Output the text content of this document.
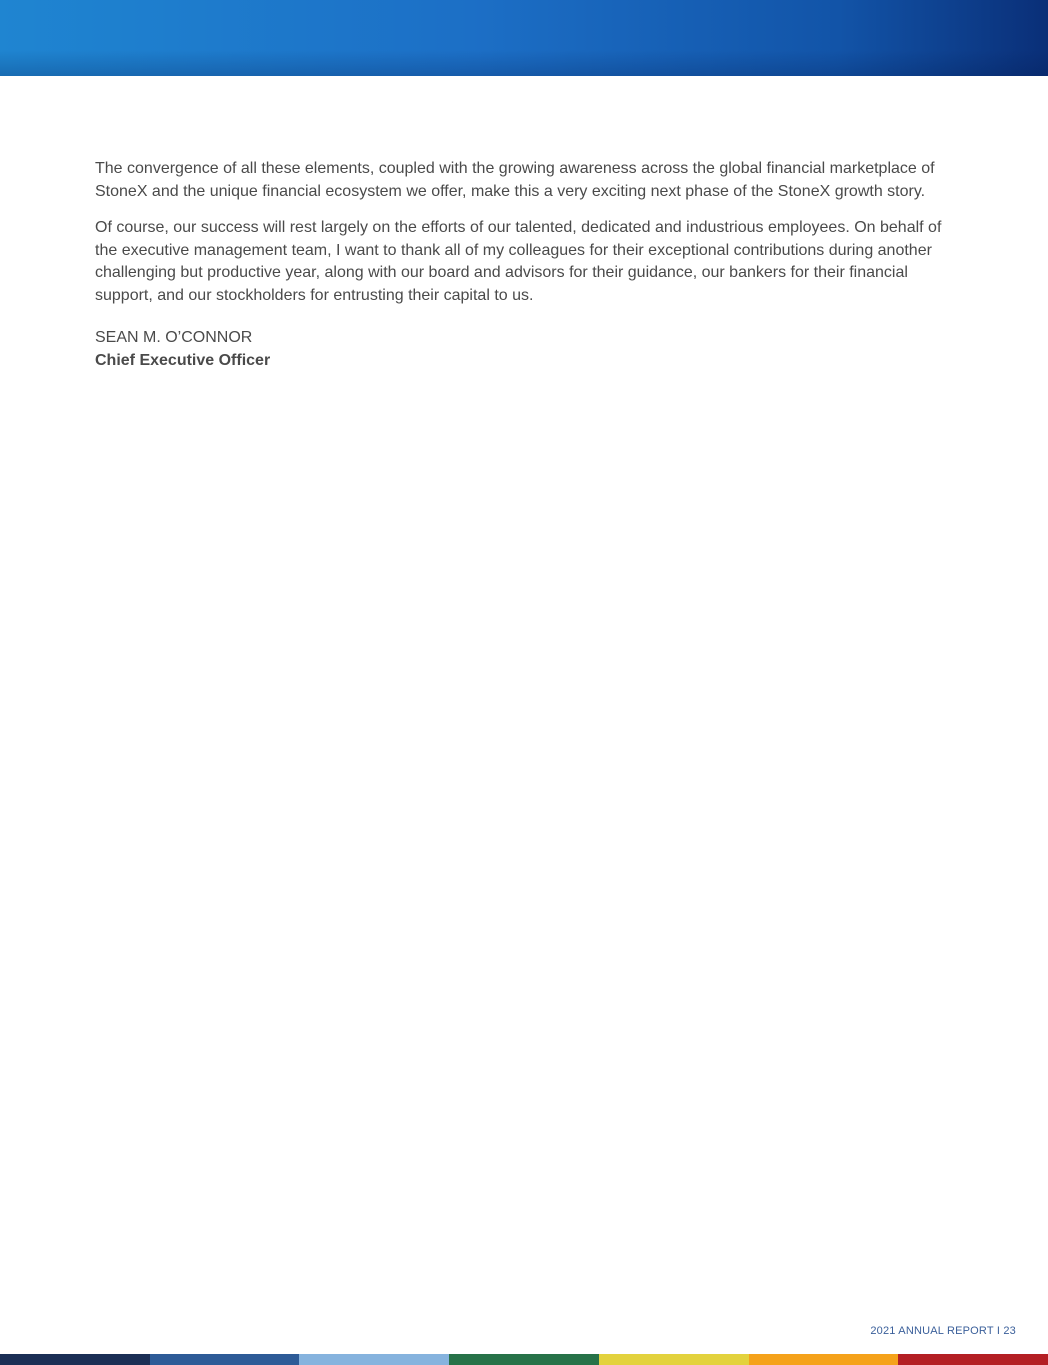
The convergence of all these elements, coupled with the growing awareness across the global financial marketplace of StoneX and the unique financial ecosystem we offer, make this a very exciting next phase of the StoneX growth story.

Of course, our success will rest largely on the efforts of our talented, dedicated and industrious employees. On behalf of the executive management team, I want to thank all of my colleagues for their exceptional contributions during another challenging but productive year, along with our board and advisors for their guidance, our bankers for their financial support, and our stockholders for entrusting their capital to us.

SEAN M. O’CONNOR
Chief Executive Officer
2021 ANNUAL REPORT I 23
